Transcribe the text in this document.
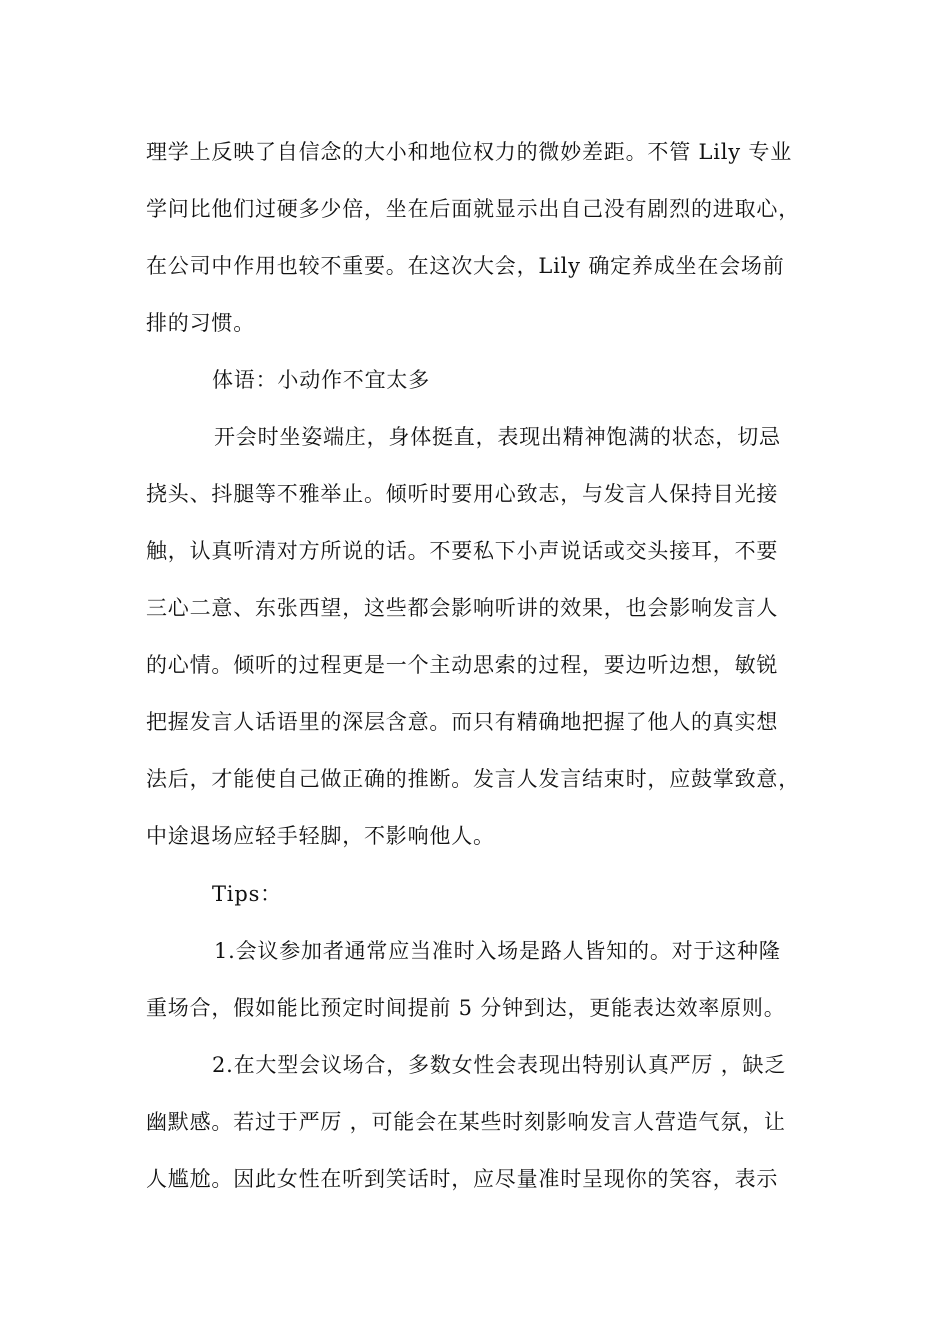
理学上反映了自信念的大小和地位权力的微妙差距。不管 Lily 专业
学问比他们过硬多少倍，坐在后面就显示出自己没有剧烈的进取心，
在公司中作用也较不重要。在这次大会，Lily 确定养成坐在会场前
排的习惯。
体语：小动作不宜太多
开会时坐姿端庄，身体挺直，表现出精神饱满的状态，切忌
挠头、抖腿等不雅举止。倾听时要用心致志，与发言人保持目光接
触，认真听清对方所说的话。不要私下小声说话或交头接耳，不要
三心二意、东张西望，这些都会影响听讲的效果，也会影响发言人
的心情。倾听的过程更是一个主动思索的过程，要边听边想，敏锐
把握发言人话语里的深层含意。而只有精确地把握了他人的真实想
法后，才能使自己做正确的推断。发言人发言结束时，应鼓掌致意，
中途退场应轻手轻脚，不影响他人。
Tips：
1.会议参加者通常应当准时入场是路人皆知的。对于这种隆
重场合，假如能比预定时间提前 5 分钟到达，更能表达效率原则。
2.在大型会议场合，多数女性会表现出特别认真严厉 ，缺乏
幽默感。若过于严厉 ，可能会在某些时刻影响发言人营造气氛，让
人尴尬。因此女性在听到笑话时，应尽量准时呈现你的笑容，表示
